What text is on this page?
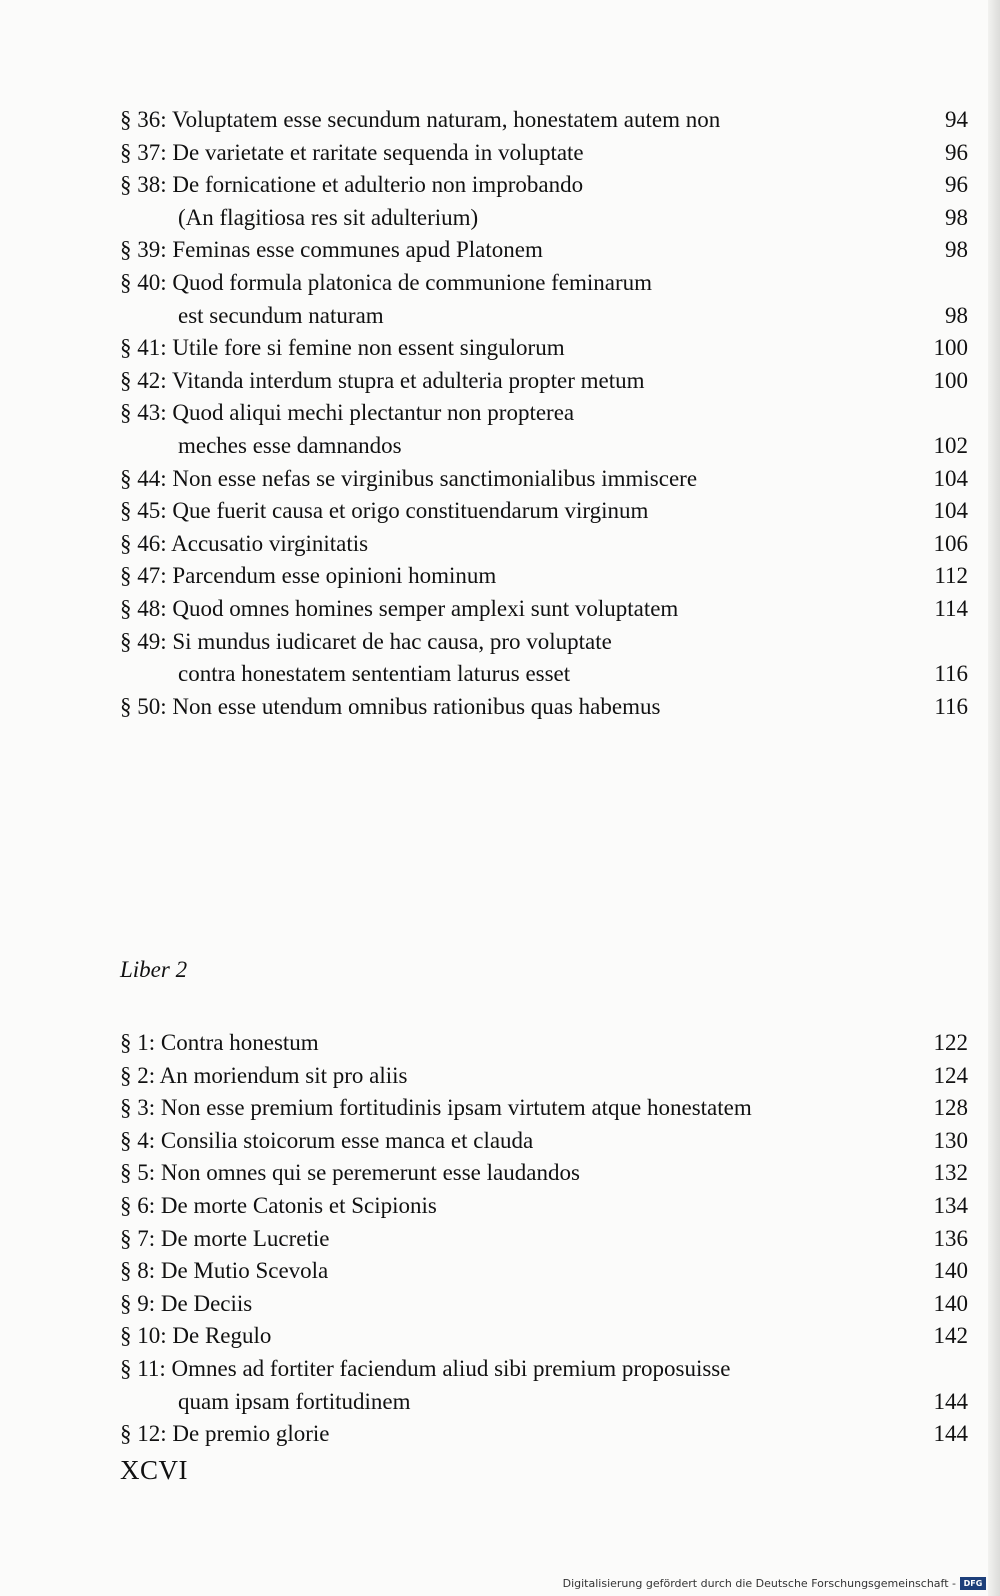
§ 36: Voluptatem esse secundum naturam, honestatem autem non	94
§ 37: De varietate et raritate sequenda in voluptate	96
§ 38: De fornicatione et adulterio non improbando	96
(An flagitiosa res sit adulterium)	98
§ 39: Feminas esse communes apud Platonem	98
§ 40: Quod formula platonica de communione feminarum
est secundum naturam	98
§ 41: Utile fore si femine non essent singulorum	100
§ 42: Vitanda interdum stupra et adulteria propter metum	100
§ 43: Quod aliqui mechi plectantur non propterea
meches esse damnandos	102
§ 44: Non esse nefas se virginibus sanctimonialibus immiscere	104
§ 45: Que fuerit causa et origo constituendarum virginum	104
§ 46: Accusatio virginitatis	106
§ 47: Parcendum esse opinioni hominum	112
§ 48: Quod omnes homines semper amplexi sunt voluptatem	114
§ 49: Si mundus iudicaret de hac causa, pro voluptate
contra honestatem sententiam laturus esset	116
§ 50: Non esse utendum omnibus rationibus quas habemus	116
Liber 2
§ 1: Contra honestum	122
§ 2: An moriendum sit pro aliis	124
§ 3: Non esse premium fortitudinis ipsam virtutem atque honestatem	128
§ 4: Consilia stoicorum esse manca et clauda	130
§ 5: Non omnes qui se peremerunt esse laudandos	132
§ 6: De morte Catonis et Scipionis	134
§ 7: De morte Lucretie	136
§ 8: De Mutio Scevola	140
§ 9: De Deciis	140
§ 10: De Regulo	142
§ 11: Omnes ad fortiter faciendum aliud sibi premium proposuisse
quam ipsam fortitudinem	144
§ 12: De premio glorie	144
XCVI
Digitalisierung gefördert durch die Deutsche Forschungsgemeinschaft - DFG
